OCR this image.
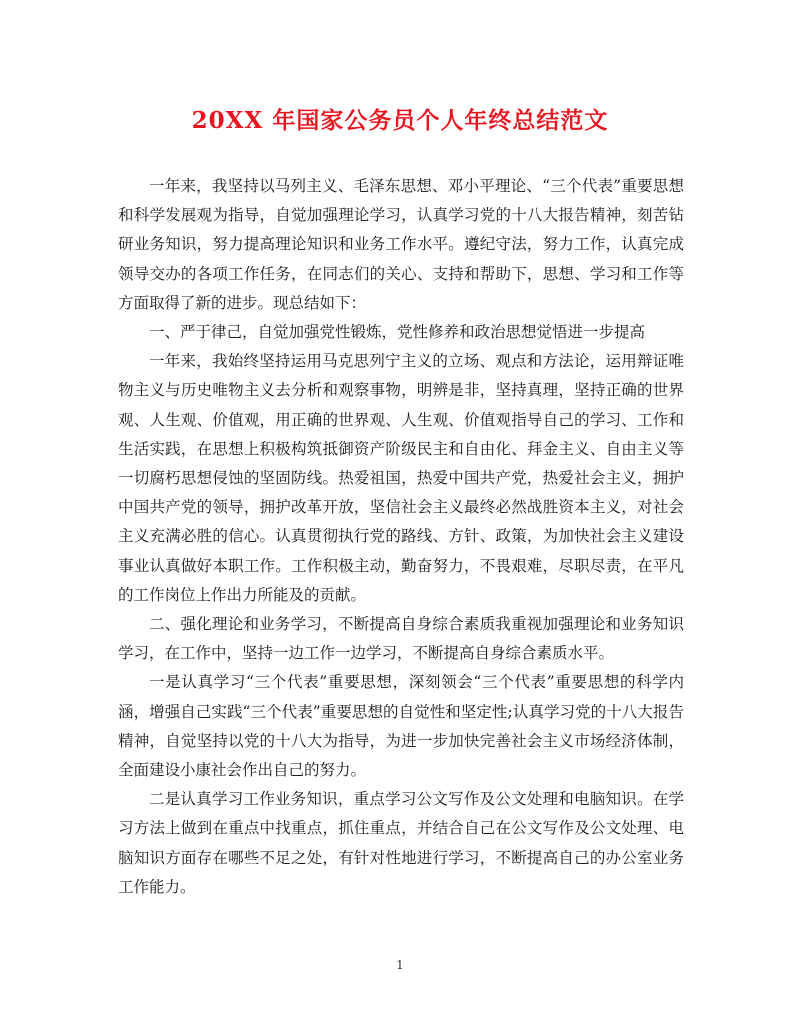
20XX 年国家公务员个人年终总结范文

一年来，我坚持以马列主义、毛泽东思想、邓小平理论、“三个代表”重要思想和科学发展观为指导，自觉加强理论学习，认真学习党的十八大报告精神，刻苦钻研业务知识，努力提高理论知识和业务工作水平。遵纪守法，努力工作，认真完成领导交办的各项工作任务，在同志们的关心、支持和帮助下，思想、学习和工作等方面取得了新的进步。现总结如下：

一、严于律己，自觉加强党性锻炼，党性修养和政治思想觉悟进一步提高

一年来，我始终坚持运用马克思列宁主义的立场、观点和方法论，运用辩证唯物主义与历史唯物主义去分析和观察事物，明辨是非，坚持真理，坚持正确的世界观、人生观、价值观，用正确的世界观、人生观、价值观指导自己的学习、工作和生活实践，在思想上积极构筑抵御资产阶级民主和自由化、拜金主义、自由主义等一切腐朽思想侵蚀的坚固防线。热爱祖国，热爱中国共产党，热爱社会主义，拥护中国共产党的领导，拥护改革开放，坚信社会主义最终必然战胜资本主义，对社会主义充满必胜的信心。认真贯彻执行党的路线、方针、政策，为加快社会主义建设事业认真做好本职工作。工作积极主动，勤奋努力，不畏艰难，尽职尽责，在平凡的工作岗位上作出力所能及的贡献。

二、强化理论和业务学习，不断提高自身综合素质我重视加强理论和业务知识学习，在工作中，坚持一边工作一边学习，不断提高自身综合素质水平。

一是认真学习“三个代表”重要思想，深刻领会“三个代表”重要思想的科学内涵，增强自己实践“三个代表”重要思想的自觉性和坚定性;认真学习党的十八大报告精神，自觉坚持以党的十八大为指导，为进一步加快完善社会主义市场经济体制，全面建设小康社会作出自己的努力。

二是认真学习工作业务知识，重点学习公文写作及公文处理和电脑知识。在学习方法上做到在重点中找重点，抓住重点，并结合自己在公文写作及公文处理、电脑知识方面存在哪些不足之处，有针对性地进行学习，不断提高自己的办公室业务工作能力。

1
